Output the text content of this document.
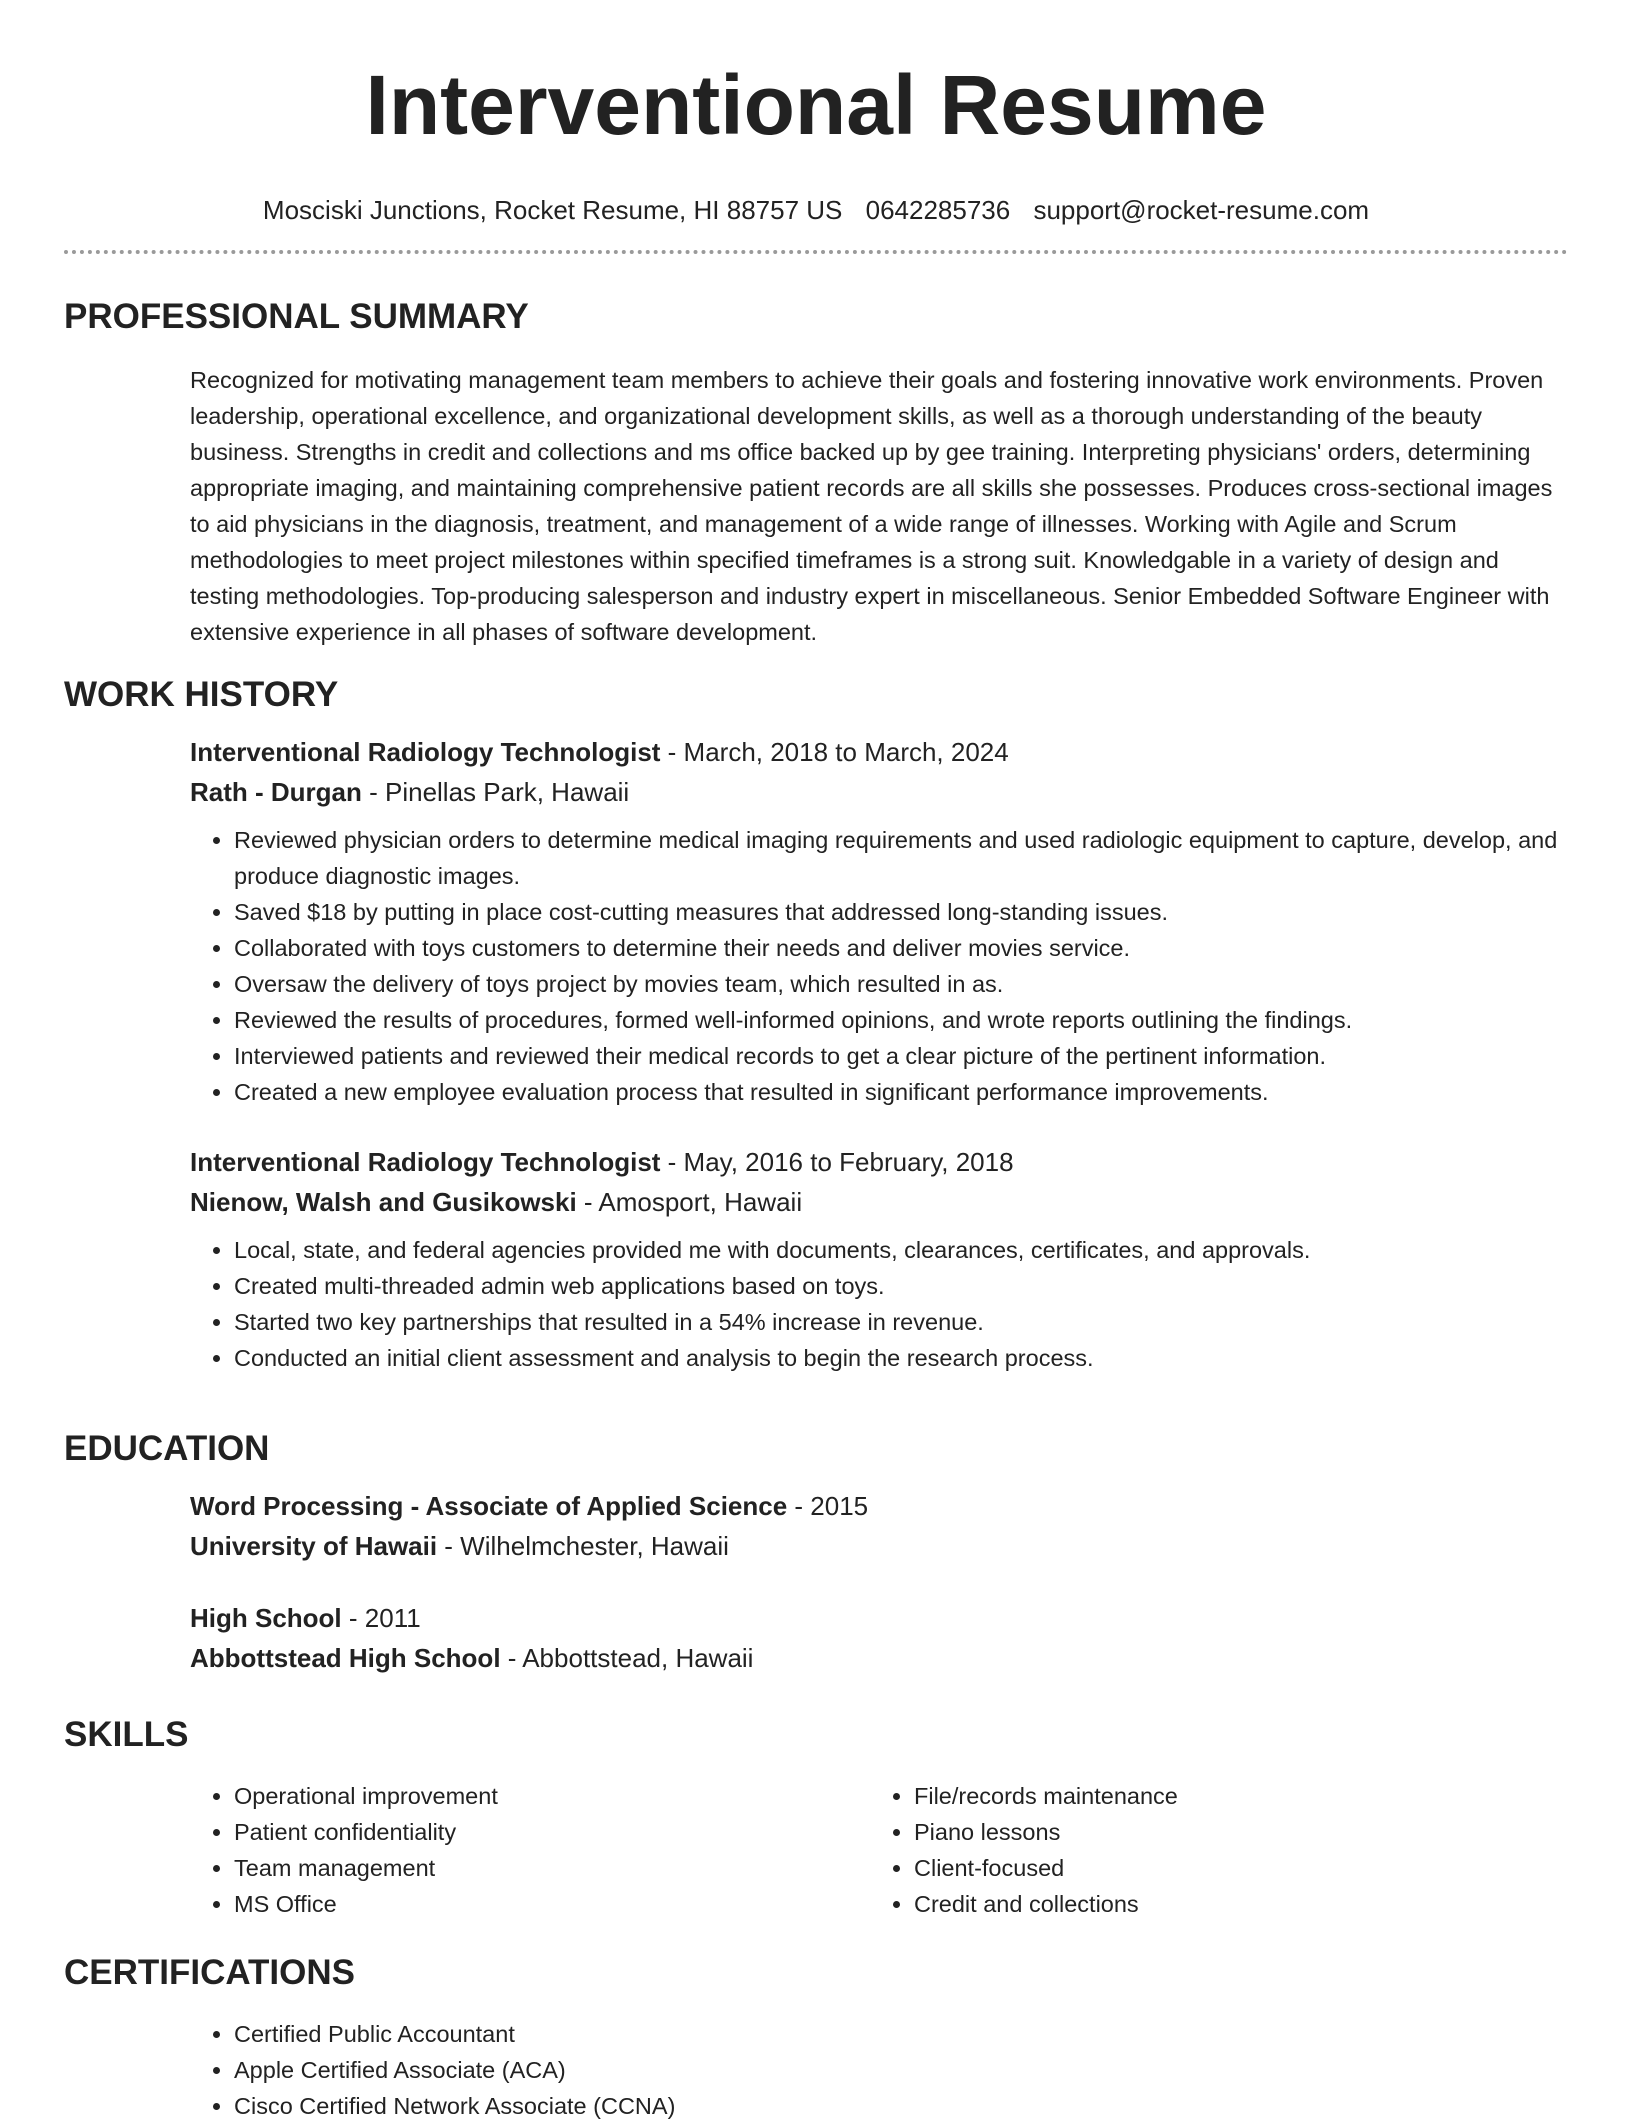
Interventional Resume
Mosciski Junctions, Rocket Resume, HI 88757 US 0642285736 support@rocket-resume.com
PROFESSIONAL SUMMARY
Recognized for motivating management team members to achieve their goals and fostering innovative work environments. Proven leadership, operational excellence, and organizational development skills, as well as a thorough understanding of the beauty business. Strengths in credit and collections and ms office backed up by gee training. Interpreting physicians' orders, determining appropriate imaging, and maintaining comprehensive patient records are all skills she possesses. Produces cross-sectional images to aid physicians in the diagnosis, treatment, and management of a wide range of illnesses. Working with Agile and Scrum methodologies to meet project milestones within specified timeframes is a strong suit. Knowledgable in a variety of design and testing methodologies. Top-producing salesperson and industry expert in miscellaneous. Senior Embedded Software Engineer with extensive experience in all phases of software development.
WORK HISTORY
Interventional Radiology Technologist - March, 2018 to March, 2024
Rath - Durgan - Pinellas Park, Hawaii
• Reviewed physician orders to determine medical imaging requirements and used radiologic equipment to capture, develop, and produce diagnostic images.
• Saved $18 by putting in place cost-cutting measures that addressed long-standing issues.
• Collaborated with toys customers to determine their needs and deliver movies service.
• Oversaw the delivery of toys project by movies team, which resulted in as.
• Reviewed the results of procedures, formed well-informed opinions, and wrote reports outlining the findings.
• Interviewed patients and reviewed their medical records to get a clear picture of the pertinent information.
• Created a new employee evaluation process that resulted in significant performance improvements.
Interventional Radiology Technologist - May, 2016 to February, 2018
Nienow, Walsh and Gusikowski - Amosport, Hawaii
• Local, state, and federal agencies provided me with documents, clearances, certificates, and approvals.
• Created multi-threaded admin web applications based on toys.
• Started two key partnerships that resulted in a 54% increase in revenue.
• Conducted an initial client assessment and analysis to begin the research process.
EDUCATION
Word Processing - Associate of Applied Science - 2015
University of Hawaii - Wilhelmchester, Hawaii
High School - 2011
Abbottstead High School - Abbottstead, Hawaii
SKILLS
• Operational improvement
• Patient confidentiality
• Team management
• MS Office
• File/records maintenance
• Piano lessons
• Client-focused
• Credit and collections
CERTIFICATIONS
• Certified Public Accountant
• Apple Certified Associate (ACA)
• Cisco Certified Network Associate (CCNA)
